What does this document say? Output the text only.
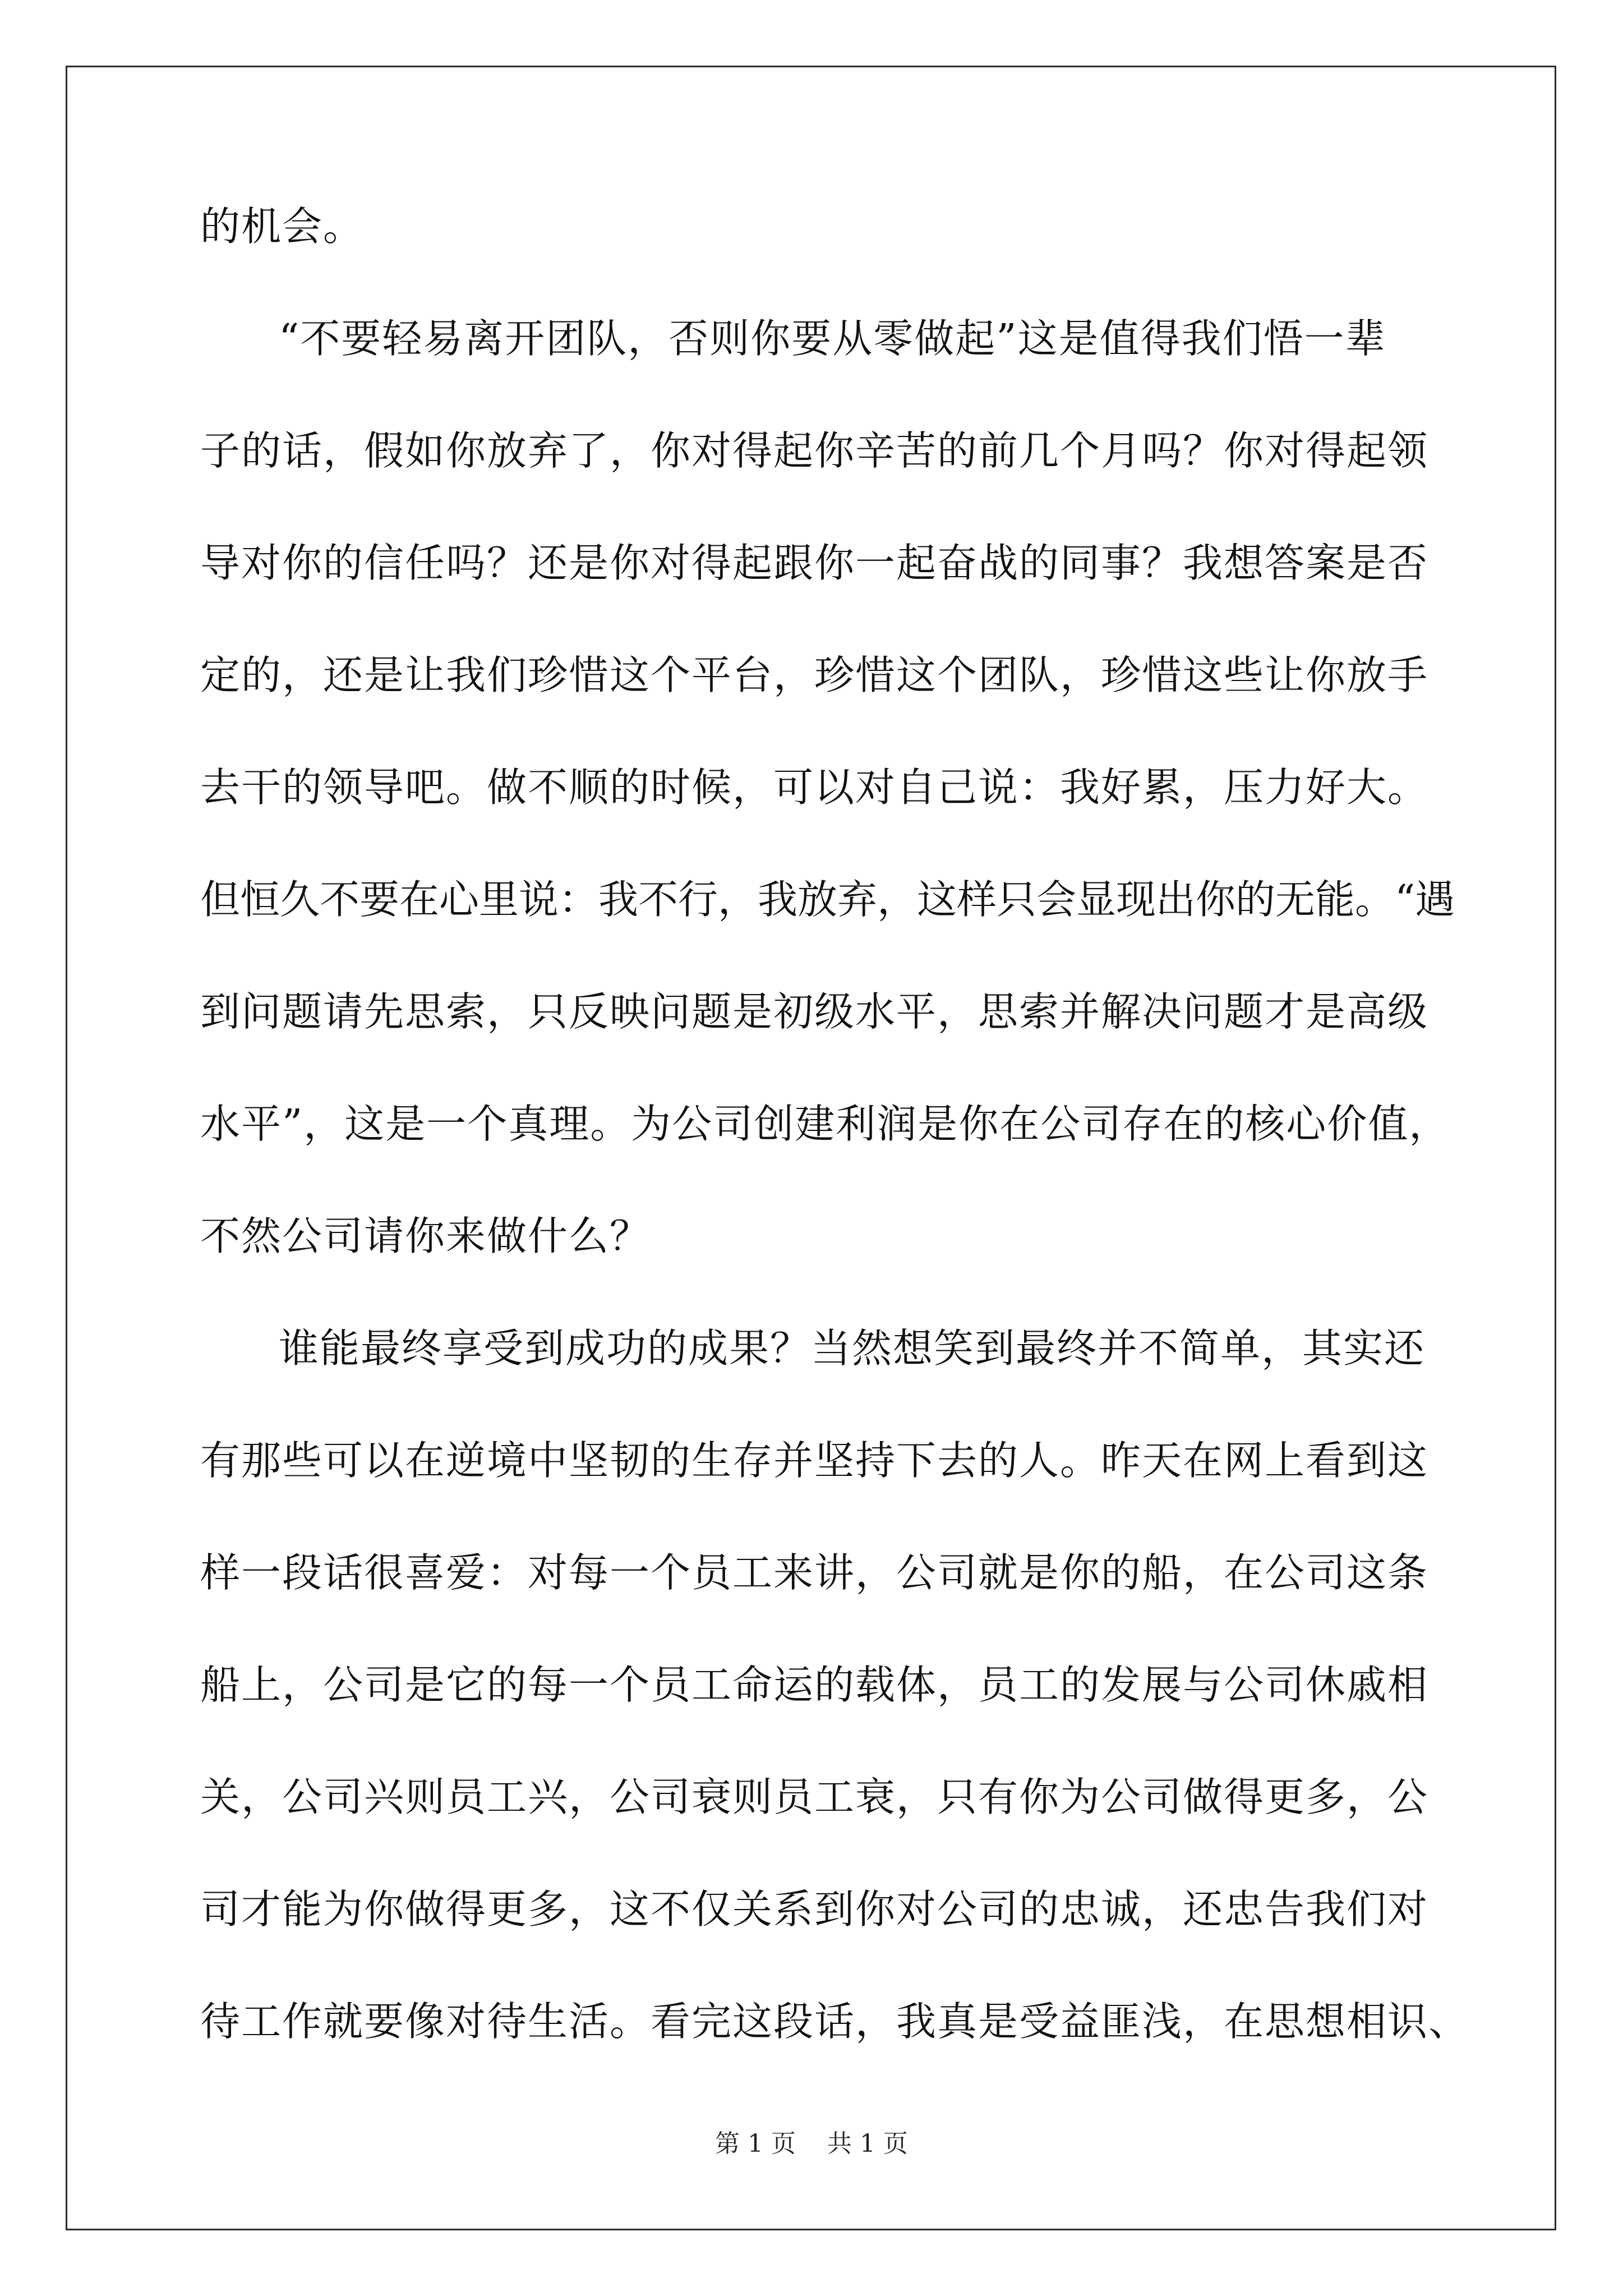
的机会。
“不要轻易离开团队，否则你要从零做起”这是值得我们悟一辈
子的话，假如你放弃了，你对得起你辛苦的前几个月吗？你对得起领
导对你的信任吗？还是你对得起跟你一起奋战的同事？我想答案是否
定的，还是让我们珍惜这个平台，珍惜这个团队，珍惜这些让你放手
去干的领导吧。做不顺的时候，可以对自己说：我好累，压力好大。
但恒久不要在心里说：我不行，我放弃，这样只会显现出你的无能。“遇
到问题请先思索，只反映问题是初级水平，思索并解决问题才是高级
水平”，这是一个真理。为公司创建利润是你在公司存在的核心价值，
不然公司请你来做什么？
谁能最终享受到成功的成果？当然想笑到最终并不简单，其实还
有那些可以在逆境中坚韧的生存并坚持下去的人。昨天在网上看到这
样一段话很喜爱：对每一个员工来讲，公司就是你的船，在公司这条
船上，公司是它的每一个员工命运的载体，员工的发展与公司休戚相
关，公司兴则员工兴，公司衰则员工衰，只有你为公司做得更多，公
司才能为你做得更多，这不仅关系到你对公司的忠诚，还忠告我们对
第 1 页 共 1 页
待工作就要像对待生活。看完这段话，我真是受益匪浅，在思想相识、
